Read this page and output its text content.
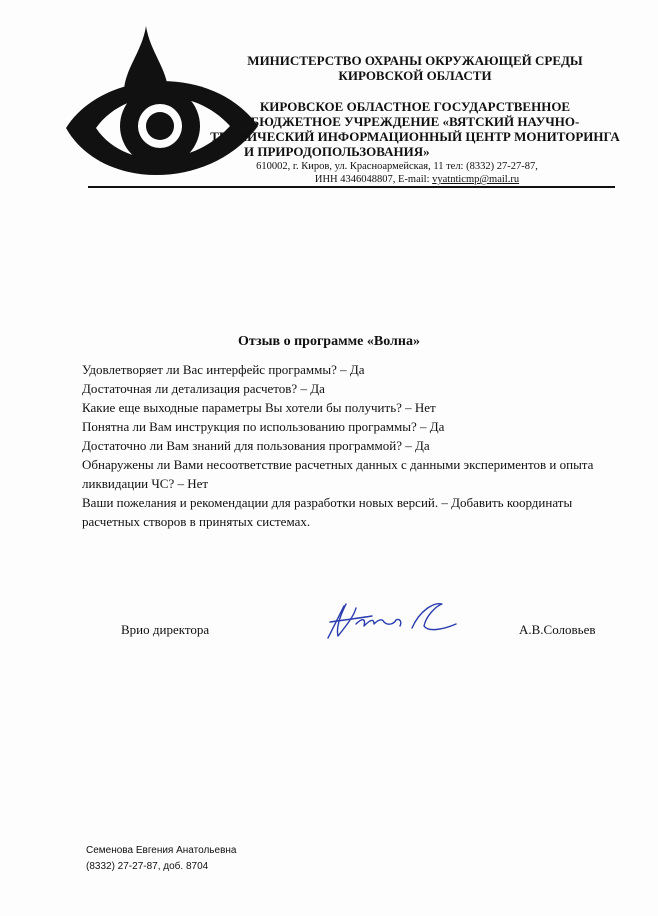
МИНИСТЕРСТВО ОХРАНЫ ОКРУЖАЮЩЕЙ СРЕДЫ
КИРОВСКОЙ ОБЛАСТИ
КИРОВСКОЕ ОБЛАСТНОЕ ГОСУДАРСТВЕННОЕ
БЮДЖЕТНОЕ УЧРЕЖДЕНИЕ «ВЯТСКИЙ НАУЧНО-
ТЕХНИЧЕСКИЙ ИНФОРМАЦИОННЫЙ ЦЕНТР МОНИТОРИНГА
И ПРИРОДОПОЛЬЗОВАНИЯ»
610002, г. Киров, ул. Красноармейская, 11 тел: (8332) 27-27-87,
ИНН 4346048807, E-mail: vyatnticmp@mail.ru
Отзыв о программе «Волна»
Удовлетворяет ли Вас интерфейс программы? – Да
Достаточная ли детализация расчетов? – Да
Какие еще выходные параметры Вы хотели бы получить? – Нет
Понятна ли Вам инструкция по использованию программы? – Да
Достаточно ли Вам знаний для пользования программой? – Да
Обнаружены ли Вами несоответствие расчетных данных с данными экспериментов и опыта
ликвидации ЧС? – Нет
Ваши пожелания и рекомендации для разработки новых версий. – Добавить координаты
расчетных створов в принятых системах.
Врио директора	А.В.Соловьев
Семенова Евгения Анатольевна
(8332) 27-27-87, доб. 8704
